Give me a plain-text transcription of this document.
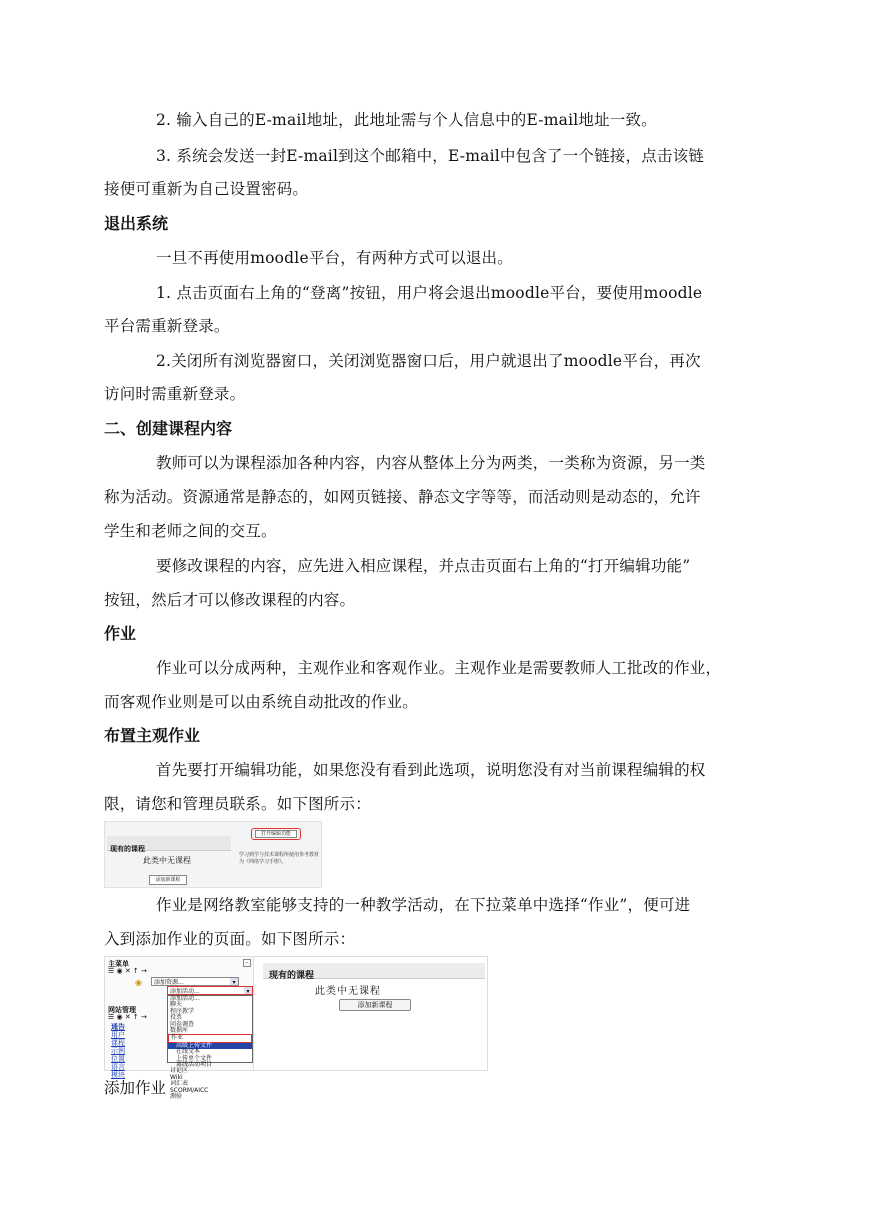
2. 输入自己的E-mail地址，此地址需与个人信息中的E-mail地址一致。
3. 系统会发送一封E-mail到这个邮箱中，E-mail中包含了一个链接，点击该链
接便可重新为自己设置密码。
退出系统
一旦不再使用moodle平台，有两种方式可以退出。
1. 点击页面右上角的“登离”按钮，用户将会退出moodle平台，要使用moodle
平台需重新登录。
2.关闭所有浏览器窗口，关闭浏览器窗口后，用户就退出了moodle平台，再次
访问时需重新登录。
二、创建课程内容
教师可以为课程添加各种内容，内容从整体上分为两类，一类称为资源，另一类
称为活动。资源通常是静态的，如网页链接、静态文字等等，而活动则是动态的，允许
学生和老师之间的交互。
要修改课程的内容，应先进入相应课程，并点击页面右上角的“打开编辑功能”
按钮，然后才可以修改课程的内容。
作业
作业可以分成两种，主观作业和客观作业。主观作业是需要教师人工批改的作业，
而客观作业则是可以由系统自动批改的作业。
布置主观作业
首先要打开编辑功能，如果您没有看到此选项，说明您没有对当前课程编辑的权
限，请您和管理员联系。如下图所示：
现有的课程
此类中无课程
添加新课程
打开编辑功能
学习到学与技术课程所使用参考教材为《网络学习手册》。
作业是网络教室能够支持的一种教学活动，在下拉菜单中选择“作业”，便可进
入到添加作业的页面。如下图所示：
主菜单	–
☰ ◉ ✕ ↑ →
◉	添加资源...	▾
添加活动...	▾
添加活动...
聊天
程序教学
投票
问卷调查
数据库
作业
高级上传文件
在线文本
上传单个文件
离线活动项目
讨论区
Wiki
词汇表
SCORM/AICC
测验
网站管理
☰ ◉ ✕ ↑ →
通告
用户
课程
示例
位置
语言
模块
现有的课程
此类中无课程
添加新课程
添加作业
